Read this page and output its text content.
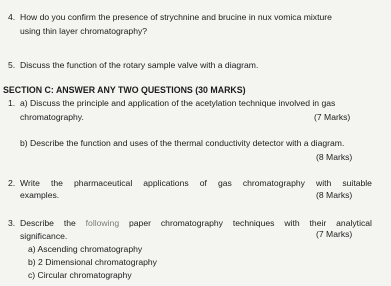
4. How do you confirm the presence of strychnine and brucine in nux vomica mixture
using thin layer chromatography?
5. Discuss the function of the rotary sample valve with a diagram.
SECTION C: ANSWER ANY TWO QUESTIONS (30 MARKS)
1. a) Discuss the principle and application of the acetylation technique involved in gas
chromatography.	(7 Marks)
b) Describe the function and uses of the thermal conductivity detector with a diagram.
(8 Marks)
2. Write the pharmaceutical applications of gas chromatography with suitable
examples.	(8 Marks)
3. Describe the following paper chromatography techniques with their analytical
significance.	(7 Marks)
a) Ascending chromatography
b) 2 Dimensional chromatography
c) Circular chromatography
